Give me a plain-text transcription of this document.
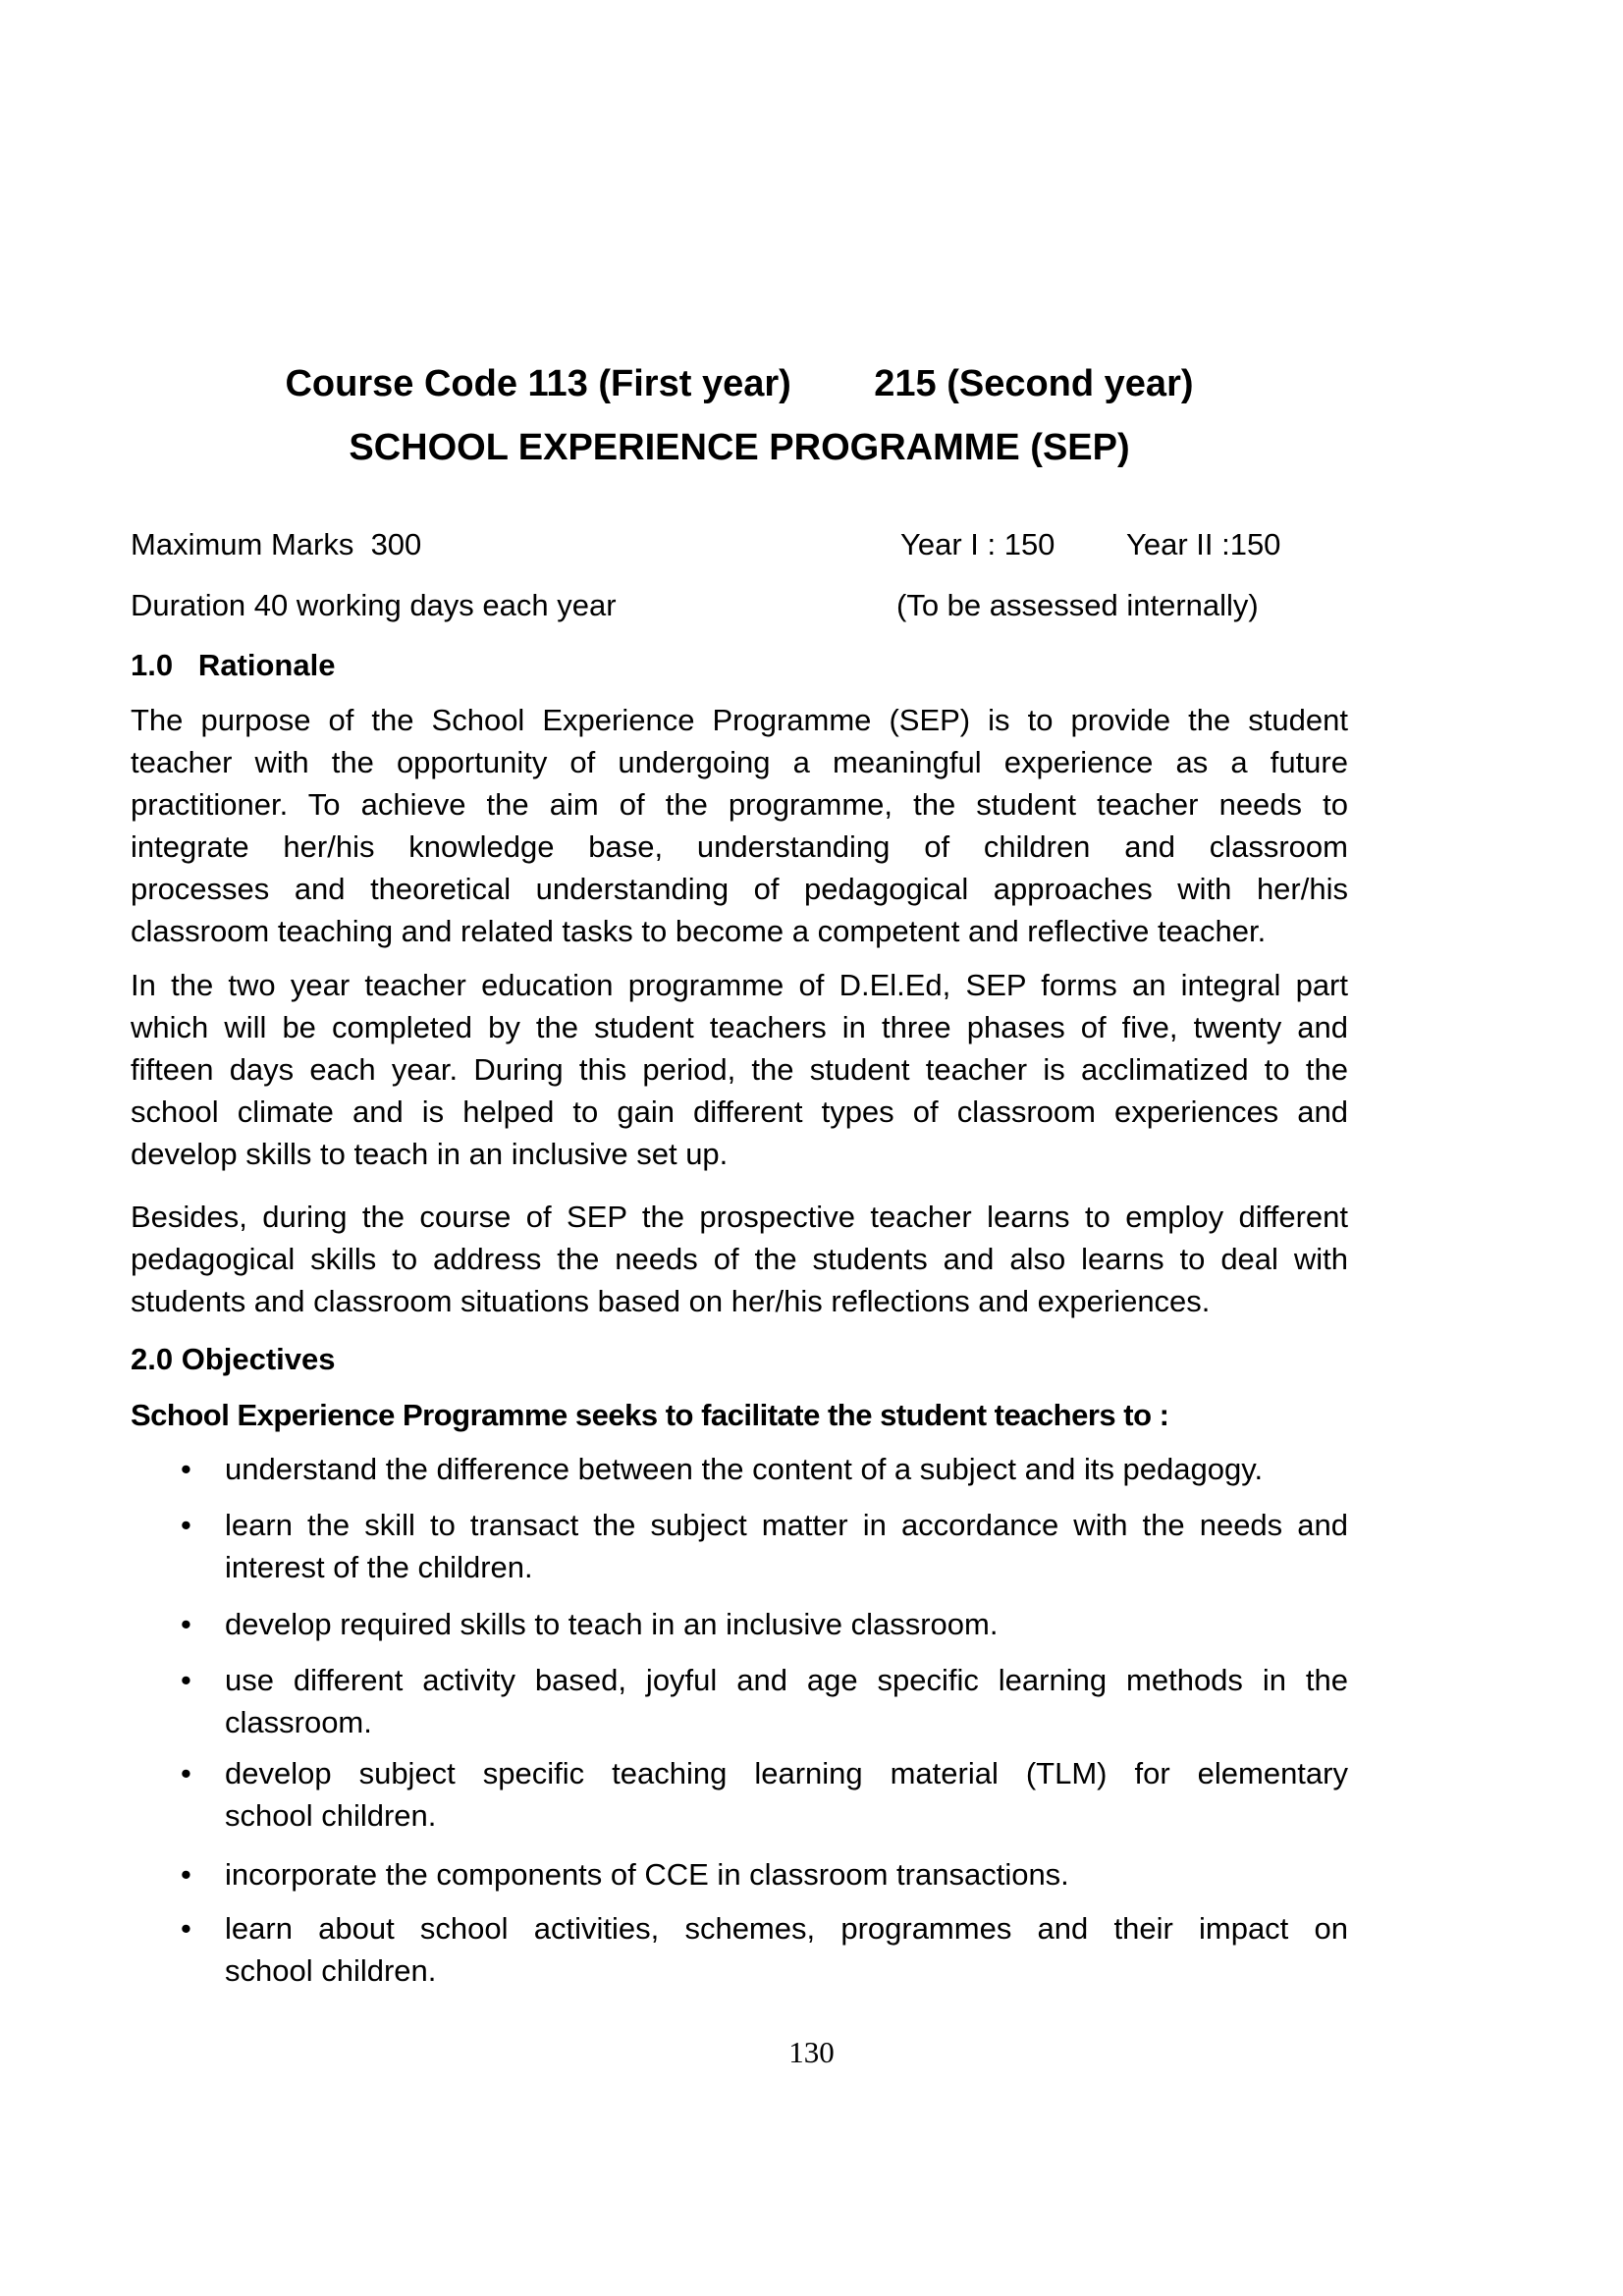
Course Code 113 (First year)        215 (Second year)
SCHOOL EXPERIENCE PROGRAMME (SEP)
Maximum Marks  300	Year I : 150 Year II :150
Duration 40 working days each year	(To be assessed internally)
1.0   Rationale
The purpose of the School Experience Programme (SEP) is to provide the student
teacher with the opportunity of undergoing a meaningful experience as a future
practitioner. To achieve the aim of the programme, the student teacher needs to
integrate her/his knowledge base, understanding of children and classroom
processes and theoretical understanding of pedagogical approaches with her/his
classroom teaching and related tasks to become a competent and reflective teacher.
In the two year teacher education programme of D.El.Ed, SEP forms an integral part
which will be completed by the student teachers in three phases of five, twenty and
fifteen days each year. During this period, the student teacher is acclimatized to the
school climate and is helped to gain different types of classroom experiences and
develop skills to teach in an inclusive set up.
Besides, during the course of SEP the prospective teacher learns to employ different
pedagogical skills to address the needs of the students and also learns to deal with
students and classroom situations based on her/his reflections and experiences.
2.0 Objectives
School Experience Programme seeks to facilitate the student teachers to :
•	understand the difference between the content of a subject and its pedagogy.
•	learn the skill to transact the subject matter in accordance with the needs and
interest of the children.
•	develop required skills to teach in an inclusive classroom.
•	use different activity based, joyful and age specific learning methods in the
classroom.
•	develop subject specific teaching learning material (TLM) for elementary
school children.
•	incorporate the components of CCE in classroom transactions.
•	learn about school activities, schemes, programmes and their impact on
school children.
130
